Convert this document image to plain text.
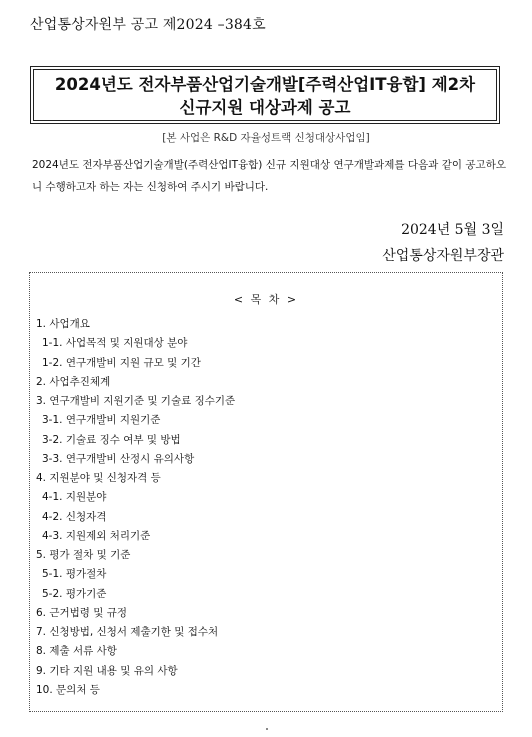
산업통상자원부 공고 제2024 –384호
2024년도 전자부품산업기술개발[주력산업IT융합] 제2차
신규지원 대상과제 공고
[본 사업은 R&D 자율성트랙 신청대상사업임]
2024년도 전자부품산업기술개발(주력산업IT융합) 신규 지원대상 연구개발과제를 다음과 같이 공고하오니 수행하고자 하는 자는 신청하여 주시기 바랍니다.
2024년 5월 3일
산업통상자원부장관
< 목 차 >
1. 사업개요
1-1. 사업목적 및 지원대상 분야
1-2. 연구개발비 지원 규모 및 기간
2. 사업추진체계
3. 연구개발비 지원기준 및 기술료 징수기준
3-1. 연구개발비 지원기준
3-2. 기술료 징수 여부 및 방법
3-3. 연구개발비 산정시 유의사항
4. 지원분야 및 신청자격 등
4-1. 지원분야
4-2. 신청자격
4-3. 지원제외 처리기준
5. 평가 절차 및 기준
5-1. 평가절차
5-2. 평가기준
6. 근거법령 및 규정
7. 신청방법, 신청서 제출기한 및 접수처
8. 제출 서류 사항
9. 기타 지원 내용 및 유의 사항
10. 문의처 등
